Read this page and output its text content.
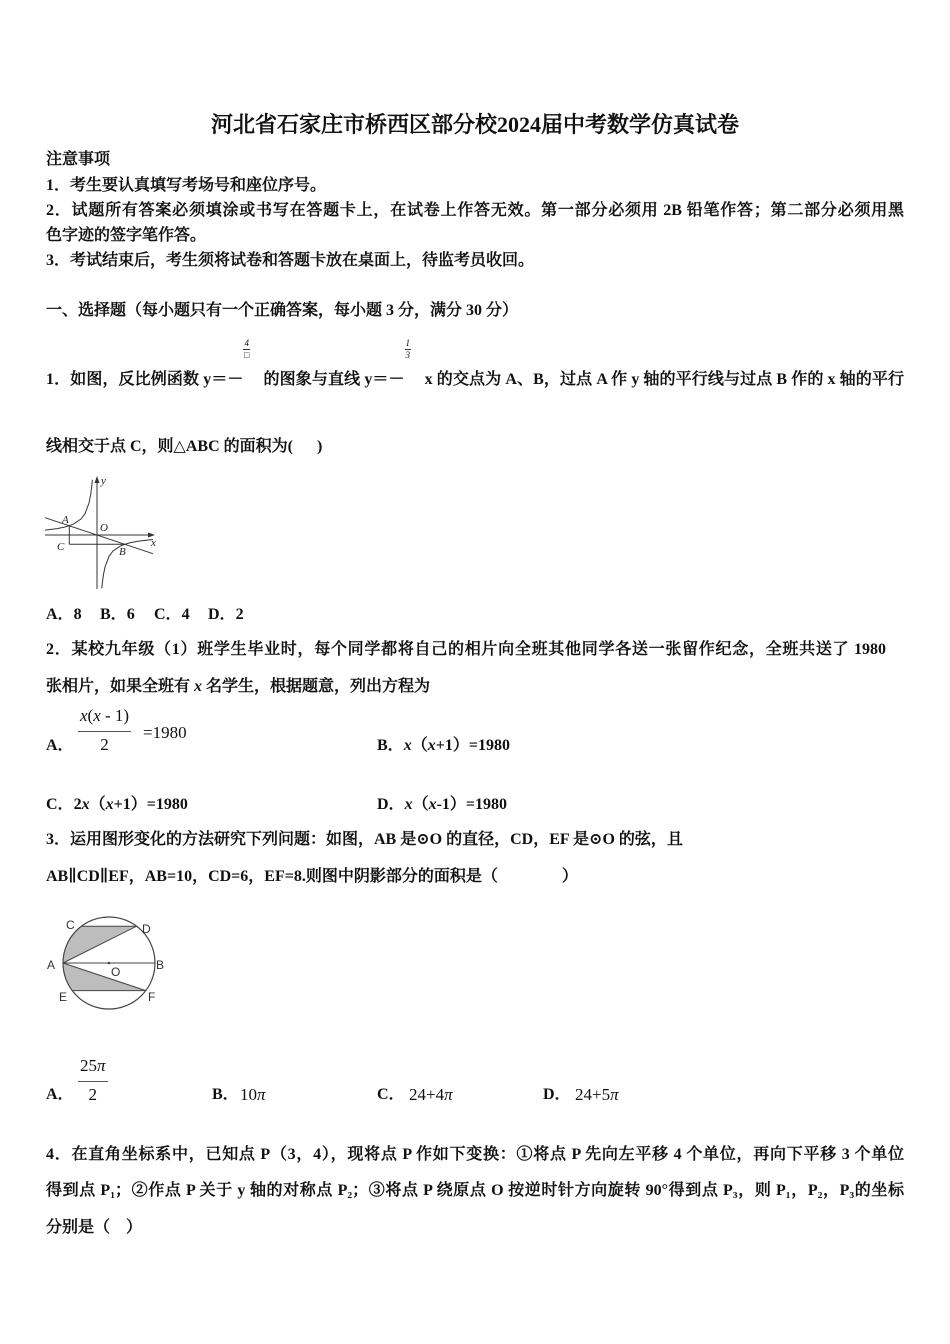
河北省石家庄市桥西区部分校2024届中考数学仿真试卷
注意事项
1．考生要认真填写考场号和座位序号。
2．试题所有答案必须填涂或书写在答题卡上，在试卷上作答无效。第一部分必须用 2B 铅笔作答；第二部分必须用黑
色字迹的签字笔作答。
3．考试结束后，考生须将试卷和答题卡放在桌面上，待监考员收回。
一、选择题（每小题只有一个正确答案，每小题 3 分，满分 30 分）
1．如图，反比例函数 y＝－
4
□
的图象与直线 y＝－
$\frac{1}{3}$
x 的交点为 A、B，过点 A 作 y 轴的平行线与过点 B 作的 x 轴的平行
线相交于点 C，则△ABC 的面积为(      )
y
x
O
A
C	B
A．8	B．6	C．4	D．2
2．某校九年级（1）班学生毕业时，每个同学都将自己的相片向全班其他同学各送一张留作纪念，全班共送了 1980
张相片，如果全班有 x 名学生，根据题意，列出方程为
A． $\frac{x(x - 1)}{2} =1980$
B．x（x+1）=1980
C．2x（x+1）=1980	D．x（x-1）=1980
3．运用图形变化的方法研究下列问题：如图，AB 是⊙O 的直径，CD，EF 是⊙O 的弦，且
AB∥CD∥EF，AB=10，CD=6，EF=8.则图中阴影部分的面积是（                ）
C	D
A	B
O
E	F
A． $\frac{25\pi}{2}$	B． 10π	C． 24+4π	D． 24+5π
4．在直角坐标系中，已知点 P（3，4），现将点 P 作如下变换：①将点 P 先向左平移 4 个单位，再向下平移 3 个单位
得到点 P₁；②作点 P 关于 y 轴的对称点 P₂；③将点 P 绕原点 O 按逆时针方向旋转 90°得到点 P₃，则 P₁，P₂，P₃的坐标
分别是（    ）
